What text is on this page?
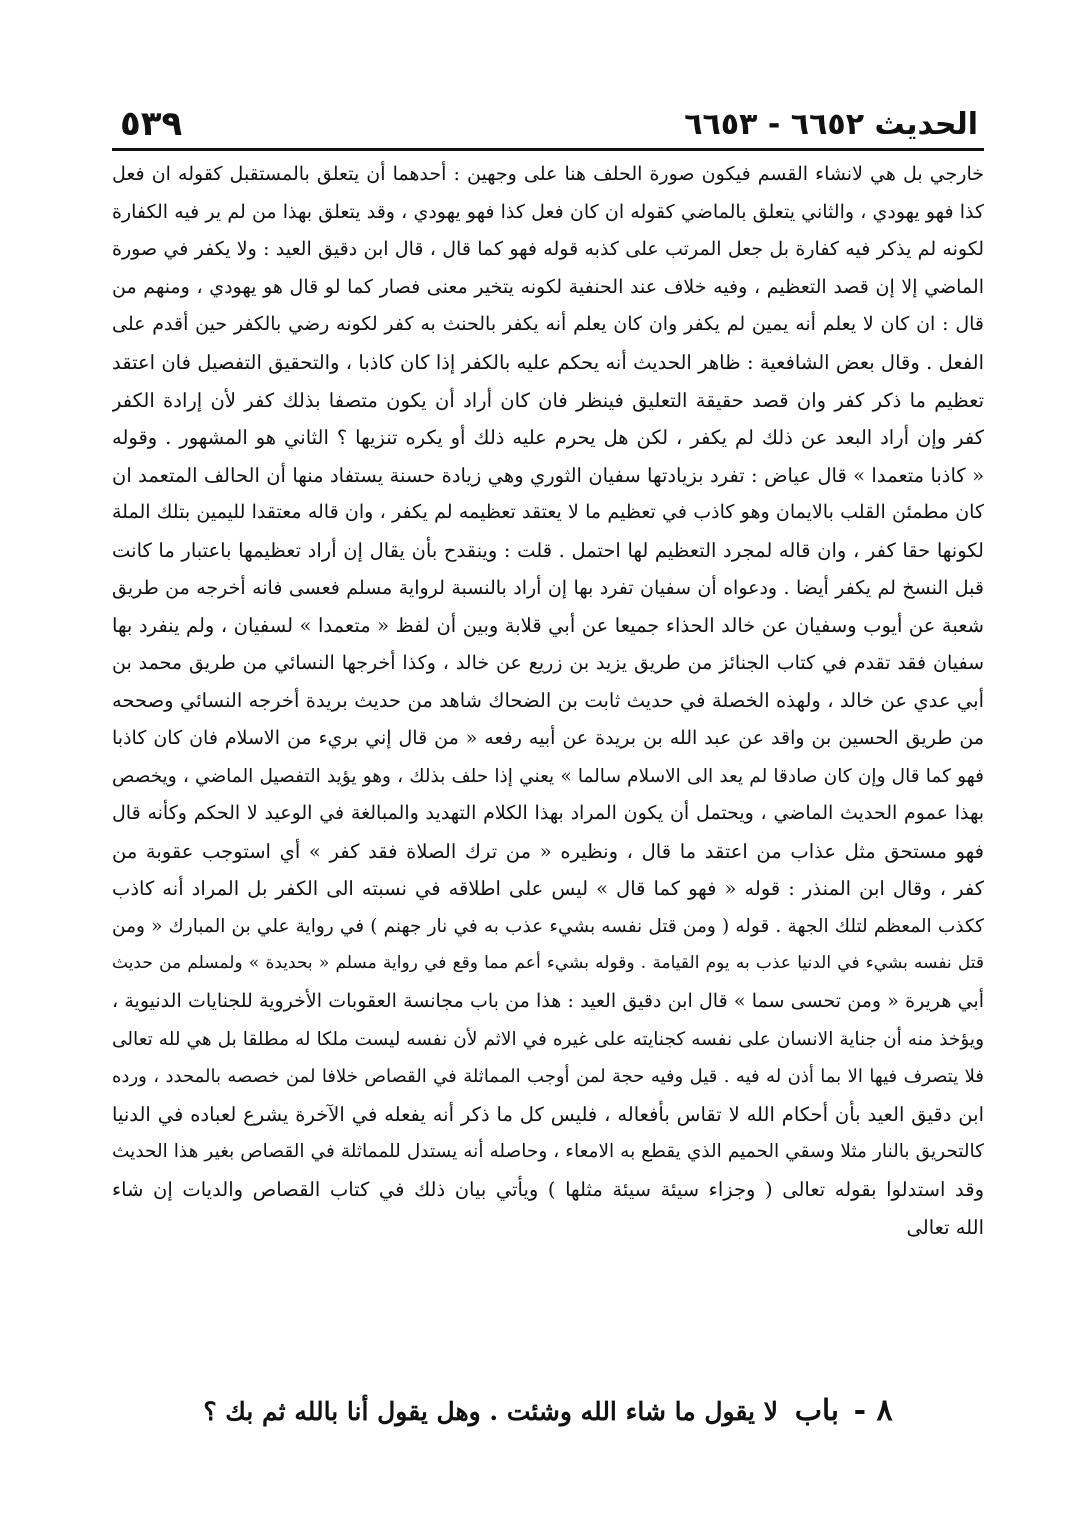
٥٣٩	الحديث ٦٦٥٢ - ٦٦٥٣
خارجي بل هي لانشاء القسم فيكون صورة الحلف هنا على وجهين : أحدهما أن يتعلق بالمستقبل كقوله ان فعل
كذا فهو يهودي ، والثاني يتعلق بالماضي كقوله ان كان فعل كذا فهو يهودي ، وقد يتعلق بهذا من لم ير فيه الكفارة
لكونه لم يذكر فيه كفارة بل جعل المرتب على كذبه قوله فهو كما قال ، قال ابن دقيق العيد : ولا يكفر في صورة
الماضي إلا إن قصد التعظيم ، وفيه خلاف عند الحنفية لكونه يتخير معنى فصار كما لو قال هو يهودي ، ومنهم من
قال : ان كان لا يعلم أنه يمين لم يكفر وان كان يعلم أنه يكفر بالحنث به كفر لكونه رضي بالكفر حين أقدم على
الفعل . وقال بعض الشافعية : ظاهر الحديث أنه يحكم عليه بالكفر إذا كان كاذبا ، والتحقيق التفصيل فان اعتقد
تعظيم ما ذكر كفر وان قصد حقيقة التعليق فينظر فان كان أراد أن يكون متصفا بذلك كفر لأن إرادة الكفر
كفر وإن أراد البعد عن ذلك لم يكفر ، لكن هل يحرم عليه ذلك أو يكره تنزيها ؟ الثاني هو المشهور . وقوله
« كاذبا متعمدا » قال عياض : تفرد بزيادتها سفيان الثوري وهي زيادة حسنة يستفاد منها أن الحالف المتعمد ان
كان مطمئن القلب بالايمان وهو كاذب في تعظيم ما لا يعتقد تعظيمه لم يكفر ، وان قاله معتقدا لليمين بتلك الملة
لكونها حقا كفر ، وان قاله لمجرد التعظيم لها احتمل . قلت : وينقدح بأن يقال إن أراد تعظيمها باعتبار ما كانت
قبل النسخ لم يكفر أيضا . ودعواه أن سفيان تفرد بها إن أراد بالنسبة لرواية مسلم فعسى فانه أخرجه من طريق
شعبة عن أيوب وسفيان عن خالد الحذاء جميعا عن أبي قلابة وبين أن لفظ « متعمدا » لسفيان ، ولم ينفرد بها
سفيان فقد تقدم في كتاب الجنائز من طريق يزيد بن زريع عن خالد ، وكذا أخرجها النسائي من طريق محمد بن
أبي عدي عن خالد ، ولهذه الخصلة في حديث ثابت بن الضحاك شاهد من حديث بريدة أخرجه النسائي وصححه
من طريق الحسين بن واقد عن عبد الله بن بريدة عن أبيه رفعه « من قال إني بريء من الاسلام فان كان كاذبا
فهو كما قال وإن كان صادقا لم يعد الى الاسلام سالما » يعني إذا حلف بذلك ، وهو يؤيد التفصيل الماضي ، ويخصص
بهذا عموم الحديث الماضي ، ويحتمل أن يكون المراد بهذا الكلام التهديد والمبالغة في الوعيد لا الحكم وكأنه قال
فهو مستحق مثل عذاب من اعتقد ما قال ، ونظيره « من ترك الصلاة فقد كفر » أي استوجب عقوبة من
كفر ، وقال ابن المنذر : قوله « فهو كما قال » ليس على اطلاقه في نسبته الى الكفر بل المراد أنه كاذب
ككذب المعظم لتلك الجهة . قوله ( ومن قتل نفسه بشيء عذب به في نار جهنم ) في رواية علي بن المبارك « ومن
قتل نفسه بشيء في الدنيا عذب به يوم القيامة . وقوله بشيء أعم مما وقع في رواية مسلم « بحديدة » ولمسلم من حديث
أبي هريرة « ومن تحسى سما » قال ابن دقيق العيد : هذا من باب مجانسة العقوبات الأخروية للجنايات الدنيوية ،
ويؤخذ منه أن جناية الانسان على نفسه كجنايته على غيره في الاثم لأن نفسه ليست ملكا له مطلقا بل هي لله تعالى
فلا يتصرف فيها الا بما أذن له فيه . قيل وفيه حجة لمن أوجب المماثلة في القصاص خلافا لمن خصصه بالمحدد ، ورده
ابن دقيق العيد بأن أحكام الله لا تقاس بأفعاله ، فليس كل ما ذكر أنه يفعله في الآخرة يشرع لعباده في الدنيا
كالتحريق بالنار مثلا وسقي الحميم الذي يقطع به الامعاء ، وحاصله أنه يستدل للمماثلة في القصاص بغير هذا الحديث
وقد استدلوا بقوله تعالى ( وجزاء سيئة سيئة مثلها ) ويأتي بيان ذلك في كتاب القصاص والديات إن شاء
الله تعالى
٨ - باب لا يقول ما شاء الله وشئت . وهل يقول أنا بالله ثم بك ؟
